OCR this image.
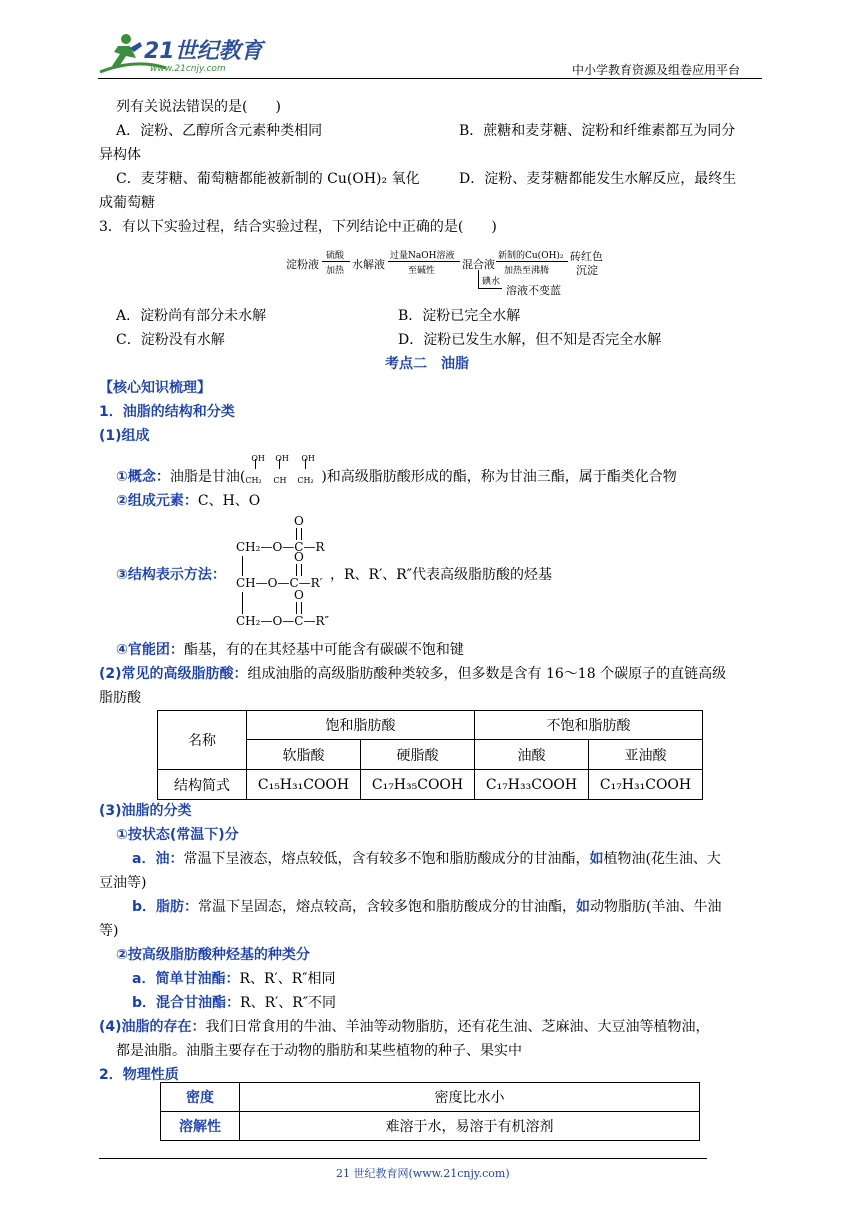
21世纪教育
www.21cnjy.com	中小学教育资源及组卷应用平台
列有关说法错误的是(　　)
A．淀粉、乙醇所含元素种类相同	B．蔗糖和麦芽糖、淀粉和纤维素都互为同分
异构体
C．麦芽糖、葡萄糖都能被新制的 Cu(OH)₂ 氧化	D．淀粉、麦芽糖都能发生水解反应，最终生
成葡萄糖
3．有以下实验过程，结合实验过程，下列结论中正确的是(　　)
淀粉液
硫酸
加热 水解液
过量NaOH溶液
至碱性 混合液
新制的Cu(OH)₂
加热至沸腾
砖红色
沉淀
碘水
溶液不变蓝
A．淀粉尚有部分未水解	B．淀粉已完全水解
C．淀粉没有水解	D．淀粉已发生水解，但不知是否完全水解
考点二　油脂
【核心知识梳理】
1．油脂的结构和分类
(1)组成
①概念：油脂是甘油(
OH OH OH
CH₂ CH CH₂ )和高级脂肪酸形成的酯，称为甘油三酯，属于酯类化合物
②组成元素：C、H、O
③结构表示方法：
O
CH₂—O—C—R
O
CH—O—C—R′
O
CH₂—O—C—R″
，R、R′、R″代表高级脂肪酸的烃基
④官能团：酯基，有的在其烃基中可能含有碳碳不饱和键
(2)常见的高级脂肪酸：组成油脂的高级脂肪酸种类较多，但多数是含有 16～18 个碳原子的直链高级
脂肪酸
名称	饱和脂肪酸		不饱和脂肪酸	
	软脂酸	硬脂酸	油酸	亚油酸
结构简式	C₁₅H₃₁COOH	C₁₇H₃₅COOH	C₁₇H₃₃COOH	C₁₇H₃₁COOH
(3)油脂的分类
①按状态(常温下)分
a．油：常温下呈液态，熔点较低，含有较多不饱和脂肪酸成分的甘油酯，如植物油(花生油、大
豆油等)
b．脂肪：常温下呈固态，熔点较高，含较多饱和脂肪酸成分的甘油酯，如动物脂肪(羊油、牛油
等)
②按高级脂肪酸种烃基的种类分
a．简单甘油酯：R、R′、R″相同
b．混合甘油酯：R、R′、R″不同
(4)油脂的存在：我们日常食用的牛油、羊油等动物脂肪，还有花生油、芝麻油、大豆油等植物油，
都是油脂。油脂主要存在于动物的脂肪和某些植物的种子、果实中
2．物理性质
密度	密度比水小
溶解性	难溶于水，易溶于有机溶剂
21 世纪教育网(www.21cnjy.com)
